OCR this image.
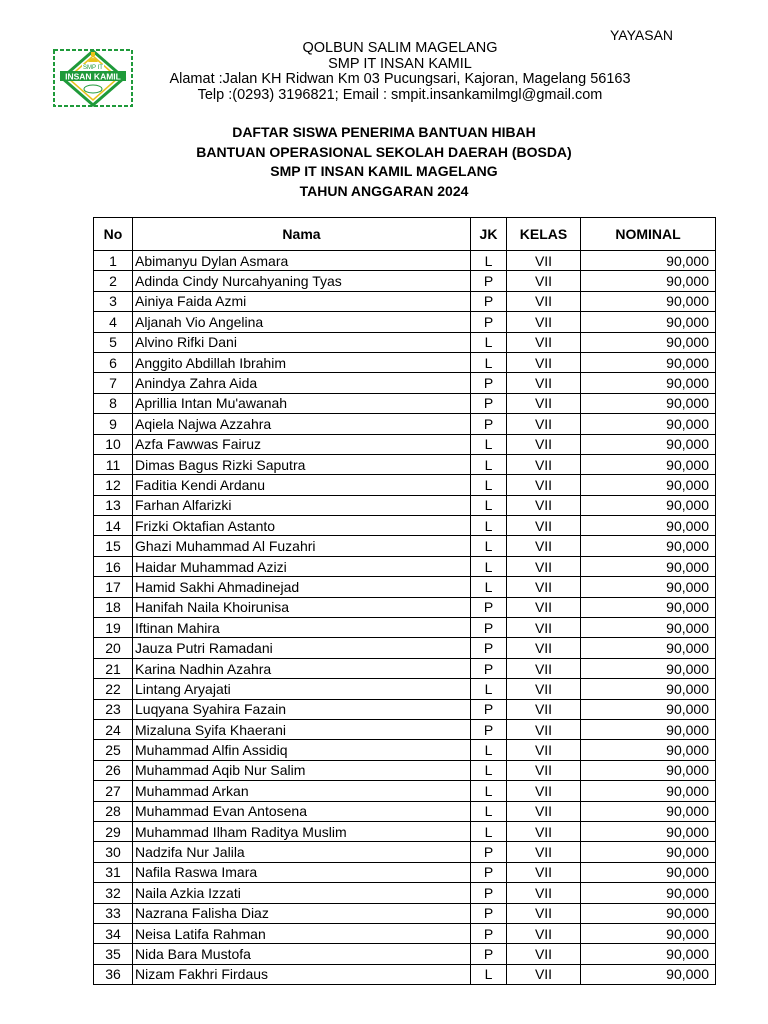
YAYASAN
SMP IT
INSAN KAMIL
QOLBUN SALIM MAGELANG
SMP IT INSAN KAMIL
Alamat :Jalan KH Ridwan Km 03 Pucungsari, Kajoran, Magelang 56163
Telp :(0293) 3196821; Email : smpit.insankamilmgl@gmail.com
DAFTAR SISWA PENERIMA BANTUAN HIBAH
BANTUAN OPERASIONAL SEKOLAH DAERAH (BOSDA)
SMP IT INSAN KAMIL MAGELANG
TAHUN ANGGARAN 2024
No	Nama	JK	KELAS	NOMINAL
1	Abimanyu Dylan Asmara	L	VII	90,000
2	Adinda Cindy Nurcahyaning Tyas	P	VII	90,000
3	Ainiya Faida Azmi	P	VII	90,000
4	Aljanah Vio Angelina	P	VII	90,000
5	Alvino Rifki Dani	L	VII	90,000
6	Anggito Abdillah Ibrahim	L	VII	90,000
7	Anindya Zahra Aida	P	VII	90,000
8	Aprillia Intan Mu'awanah	P	VII	90,000
9	Aqiela Najwa Azzahra	P	VII	90,000
10	Azfa Fawwas Fairuz	L	VII	90,000
11	Dimas Bagus Rizki Saputra	L	VII	90,000
12	Faditia Kendi Ardanu	L	VII	90,000
13	Farhan Alfarizki	L	VII	90,000
14	Frizki Oktafian Astanto	L	VII	90,000
15	Ghazi Muhammad Al Fuzahri	L	VII	90,000
16	Haidar Muhammad Azizi	L	VII	90,000
17	Hamid Sakhi Ahmadinejad	L	VII	90,000
18	Hanifah Naila Khoirunisa	P	VII	90,000
19	Iftinan Mahira	P	VII	90,000
20	Jauza Putri Ramadani	P	VII	90,000
21	Karina Nadhin Azahra	P	VII	90,000
22	Lintang Aryajati	L	VII	90,000
23	Luqyana Syahira Fazain	P	VII	90,000
24	Mizaluna Syifa Khaerani	P	VII	90,000
25	Muhammad Alfin Assidiq	L	VII	90,000
26	Muhammad Aqib Nur Salim	L	VII	90,000
27	Muhammad Arkan	L	VII	90,000
28	Muhammad Evan Antosena	L	VII	90,000
29	Muhammad Ilham Raditya Muslim	L	VII	90,000
30	Nadzifa Nur Jalila	P	VII	90,000
31	Nafila Raswa Imara	P	VII	90,000
32	Naila Azkia Izzati	P	VII	90,000
33	Nazrana Falisha Diaz	P	VII	90,000
34	Neisa Latifa Rahman	P	VII	90,000
35	Nida Bara Mustofa	P	VII	90,000
36	Nizam Fakhri Firdaus	L	VII	90,000
